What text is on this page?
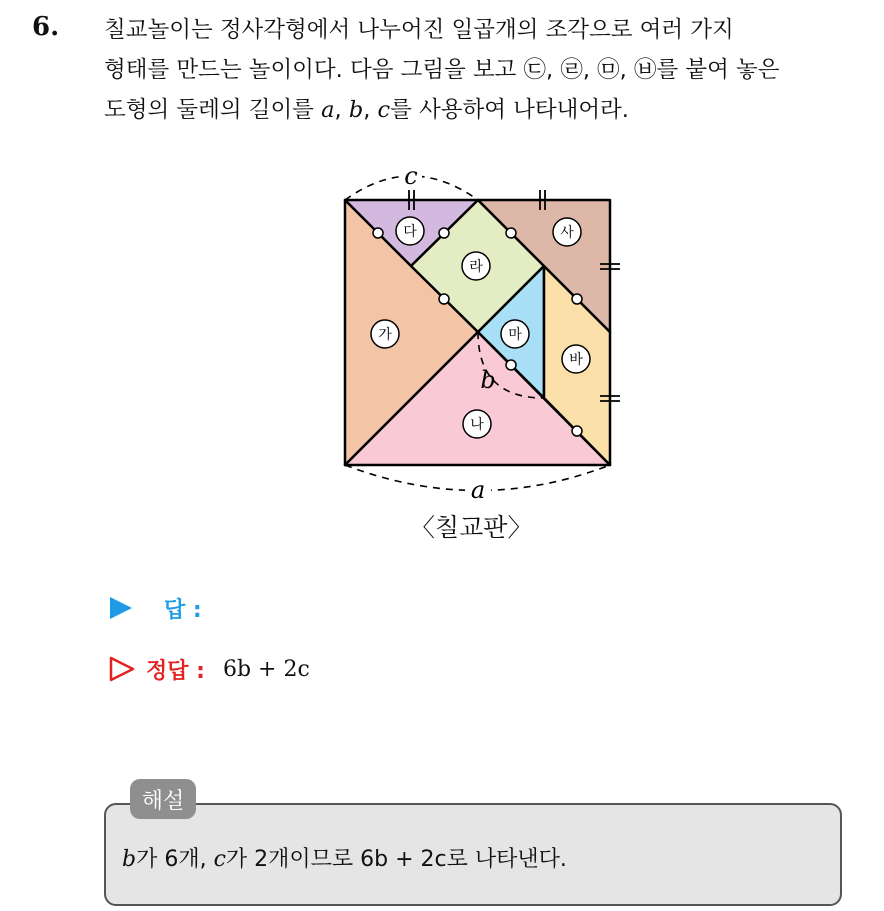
6. 칠교놀이는 정사각형에서 나누어진 일곱개의 조각으로 여러 가지

형태를 만드는 놀이이다. 다음 그림을 보고 ㉢, ㉣, ㉤, ㉥를 붙여 놓은

도형의 둘레의 길이를 a, b, c를 사용하여 나타내어라.

c
a
b
가
나
다
라
마
바
사
〈칠교판〉
답 :
정답 : 6b + 2c
해설
b가 6개, c가 2개이므로 6b + 2c로 나타낸다.
